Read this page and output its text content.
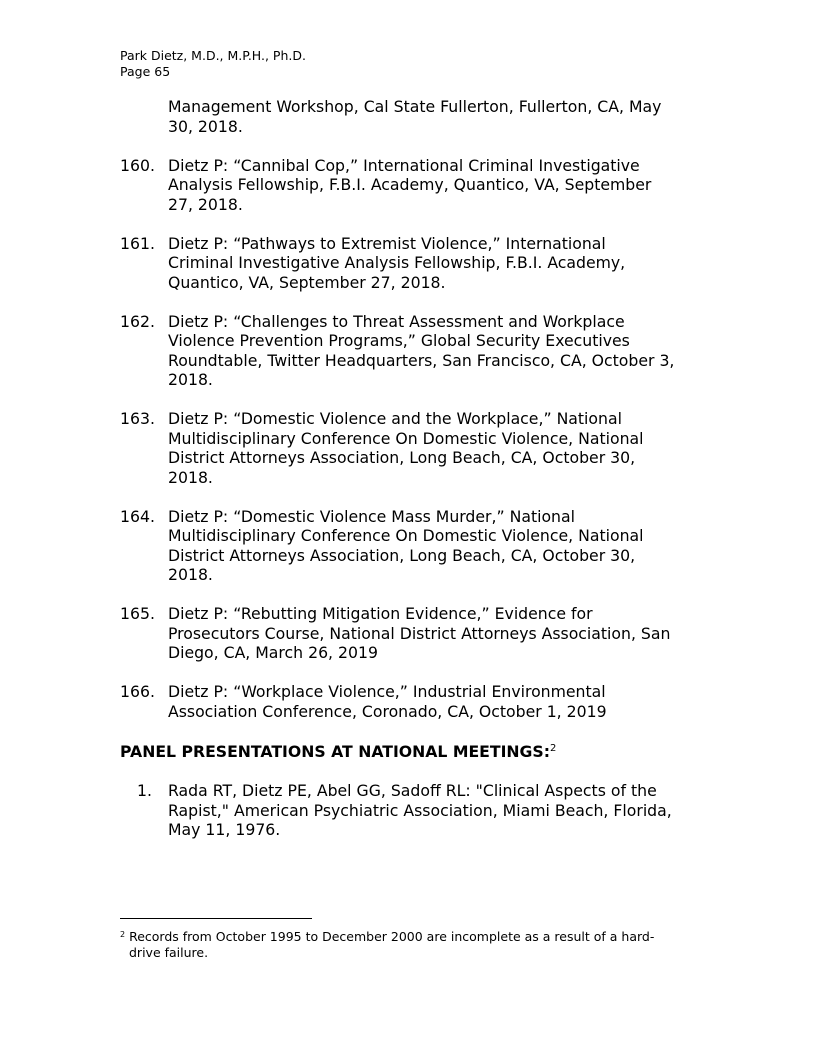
Park Dietz, M.D., M.P.H., Ph.D.
Page 65
Management Workshop, Cal State Fullerton, Fullerton, CA, May
30, 2018.
160. Dietz P: “Cannibal Cop,” International Criminal Investigative
Analysis Fellowship, F.B.I. Academy, Quantico, VA, September
27, 2018.
161. Dietz P: “Pathways to Extremist Violence,” International
Criminal Investigative Analysis Fellowship, F.B.I. Academy,
Quantico, VA, September 27, 2018.
162. Dietz P: “Challenges to Threat Assessment and Workplace
Violence Prevention Programs,” Global Security Executives
Roundtable, Twitter Headquarters, San Francisco, CA, October 3,
2018.
163. Dietz P: “Domestic Violence and the Workplace,” National
Multidisciplinary Conference On Domestic Violence, National
District Attorneys Association, Long Beach, CA, October 30,
2018.
164. Dietz P: “Domestic Violence Mass Murder,” National
Multidisciplinary Conference On Domestic Violence, National
District Attorneys Association, Long Beach, CA, October 30,
2018.
165. Dietz P: “Rebutting Mitigation Evidence,” Evidence for
Prosecutors Course, National District Attorneys Association, San
Diego, CA, March 26, 2019
166. Dietz P: “Workplace Violence,” Industrial Environmental
Association Conference, Coronado, CA, October 1, 2019
PANEL PRESENTATIONS AT NATIONAL MEETINGS:$^2$
1. Rada RT, Dietz PE, Abel GG, Sadoff RL: "Clinical Aspects of the
Rapist," American Psychiatric Association, Miami Beach, Florida,
May 11, 1976.
$^2$ Records from October 1995 to December 2000 are incomplete as a result of a hard-
drive failure.
